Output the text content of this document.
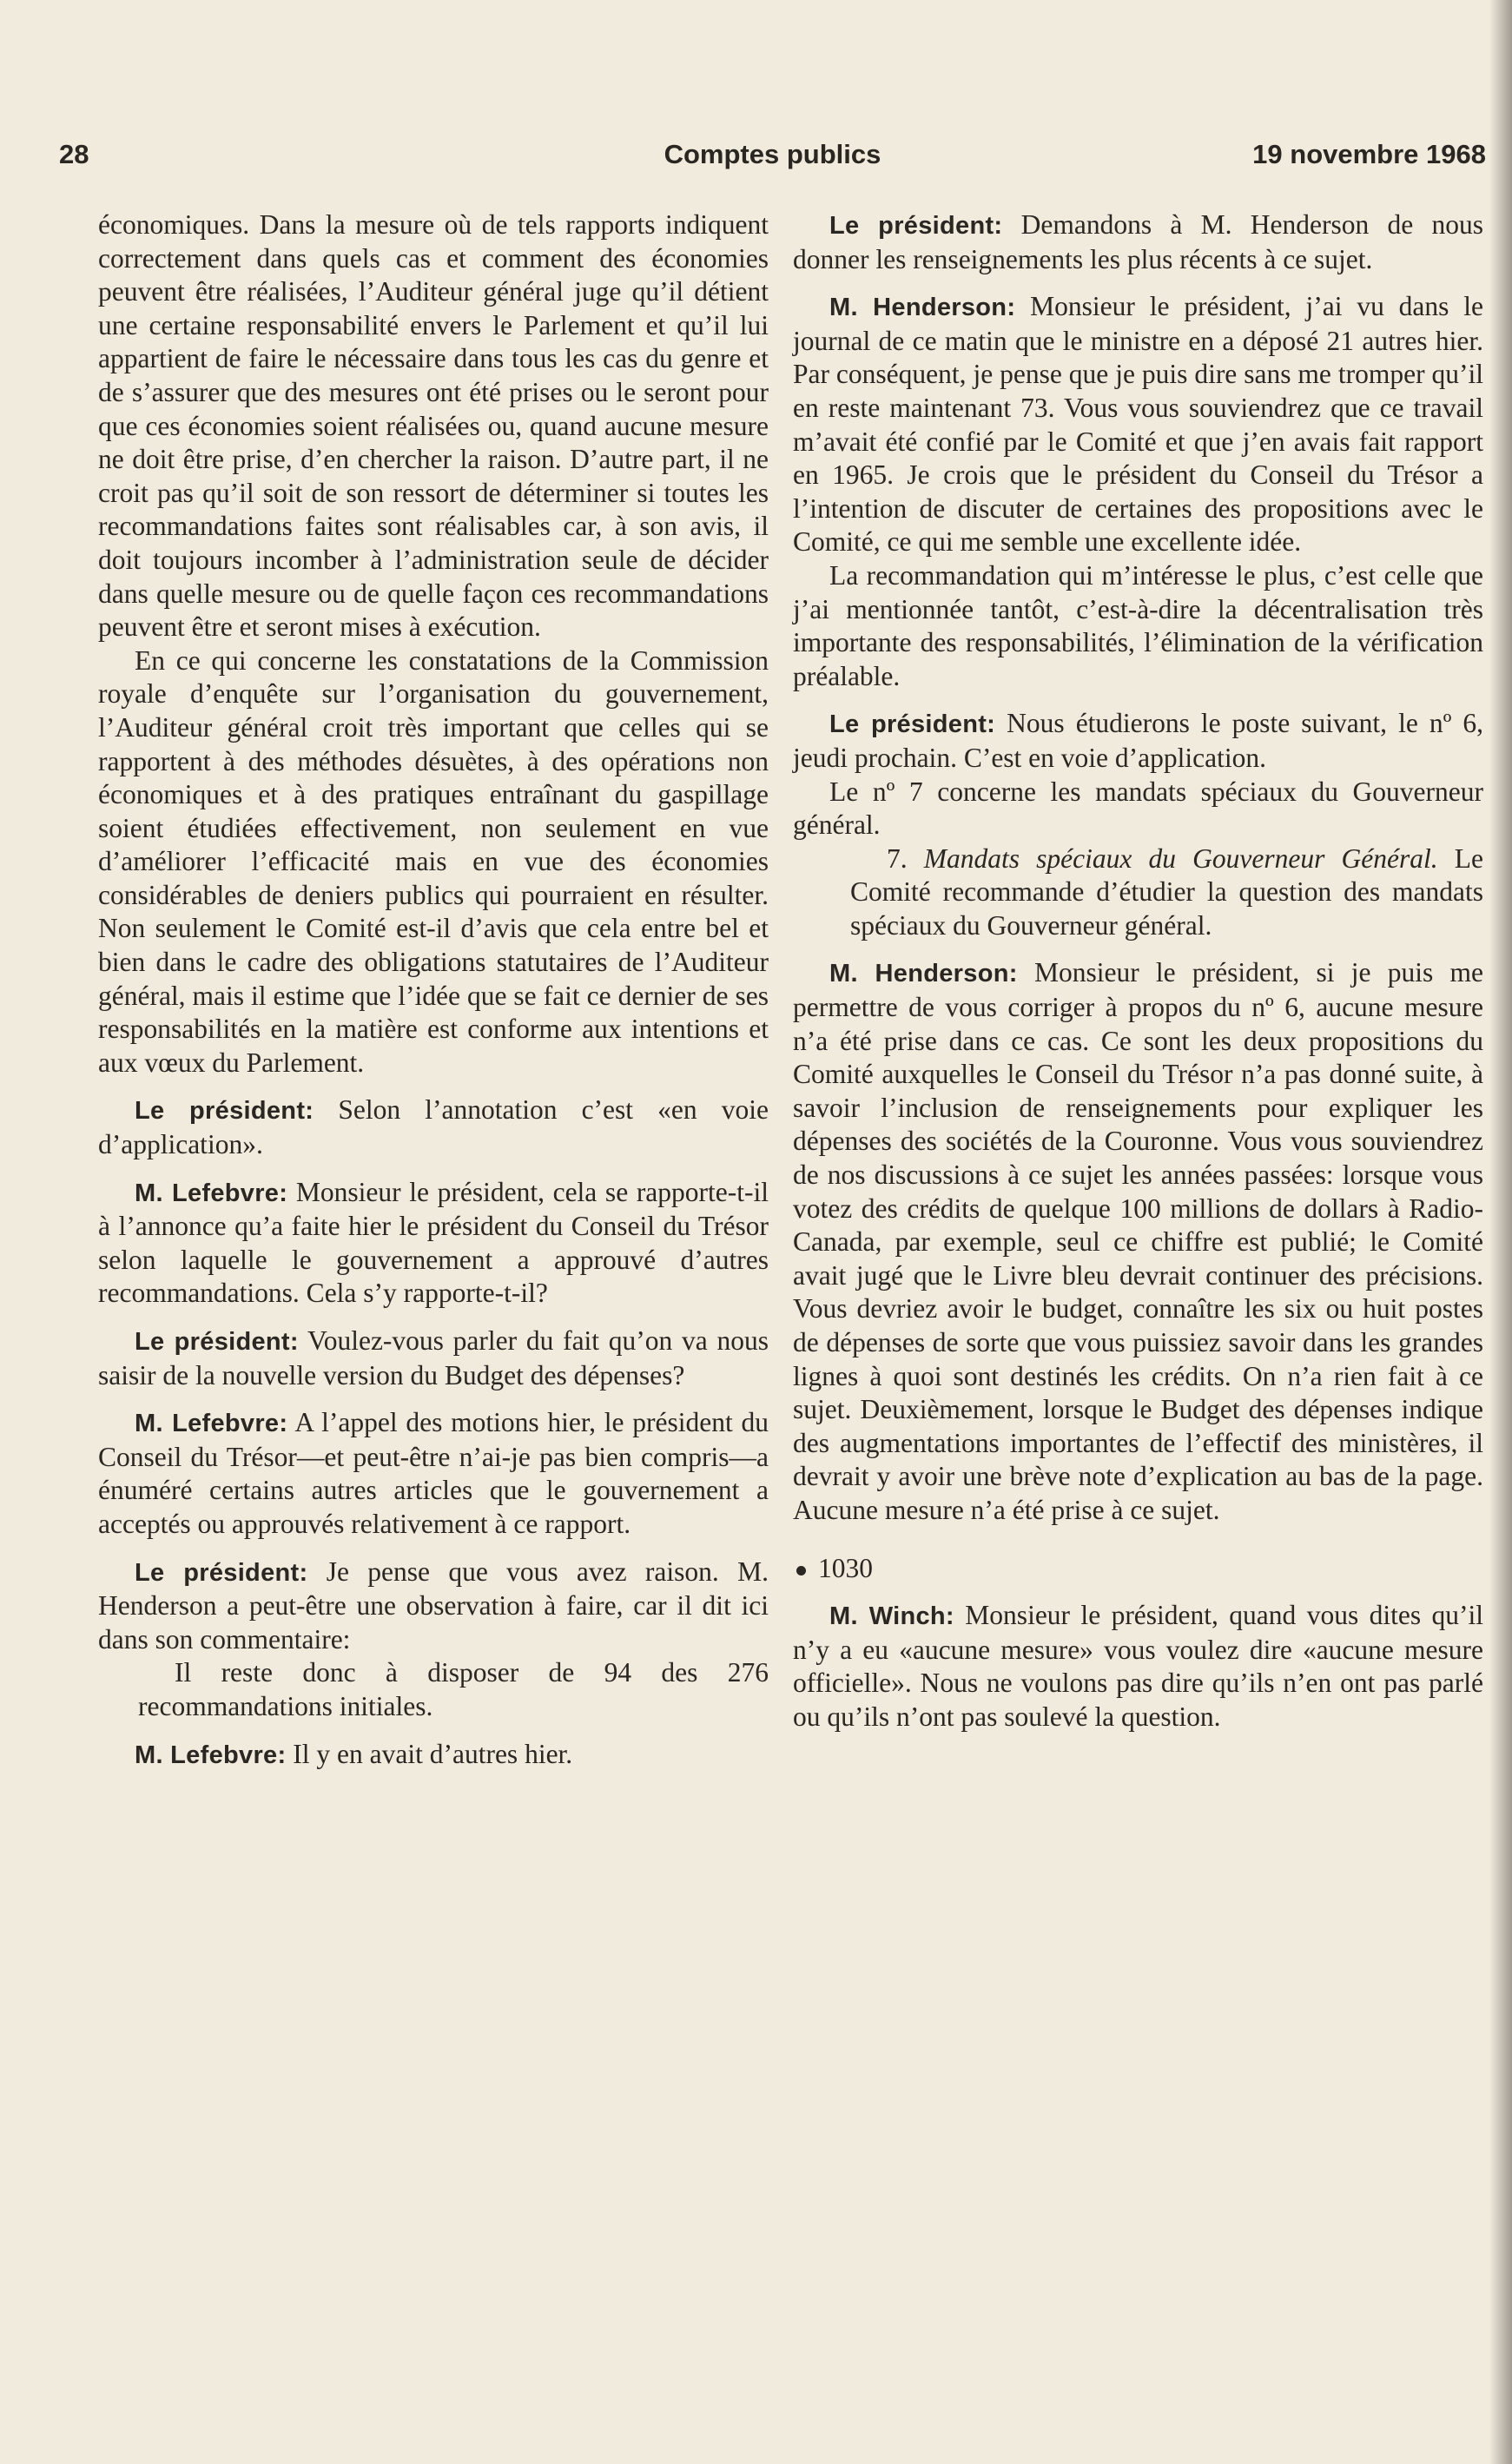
28	Comptes publics	19 novembre 1968

économiques. Dans la mesure où de tels rapports indiquent correctement dans quels cas et comment des économies peuvent être réalisées, l’Auditeur général juge qu’il détient une certaine responsabilité envers le Parlement et qu’il lui appartient de faire le nécessaire dans tous les cas du genre et de s’assurer que des mesures ont été prises ou le seront pour que ces économies soient réalisées ou, quand aucune mesure ne doit être prise, d’en chercher la raison. D’autre part, il ne croit pas qu’il soit de son ressort de déterminer si toutes les recommandations faites sont réalisables car, à son avis, il doit toujours incomber à l’administration seule de décider dans quelle mesure ou de quelle façon ces recommandations peuvent être et seront mises à exécution.

En ce qui concerne les constatations de la Commission royale d’enquête sur l’organisation du gouvernement, l’Auditeur général croit très important que celles qui se rapportent à des méthodes désuètes, à des opérations non économiques et à des pratiques entraînant du gaspillage soient étudiées effectivement, non seulement en vue d’améliorer l’efficacité mais en vue des économies considérables de deniers publics qui pourraient en résulter. Non seulement le Comité est-il d’avis que cela entre bel et bien dans le cadre des obligations statutaires de l’Auditeur général, mais il estime que l’idée que se fait ce dernier de ses responsabilités en la matière est conforme aux intentions et aux vœux du Parlement.

Le président: Selon l’annotation c’est «en voie d’application».

M. Lefebvre: Monsieur le président, cela se rapporte-t-il à l’annonce qu’a faite hier le président du Conseil du Trésor selon laquelle le gouvernement a approuvé d’autres recommandations. Cela s’y rapporte-t-il?

Le président: Voulez-vous parler du fait qu’on va nous saisir de la nouvelle version du Budget des dépenses?

M. Lefebvre: A l’appel des motions hier, le président du Conseil du Trésor—et peut-être n’ai-je pas bien compris—a énuméré certains autres articles que le gouvernement a acceptés ou approuvés relativement à ce rapport.

Le président: Je pense que vous avez raison. M. Henderson a peut-être une observation à faire, car il dit ici dans son commentaire:

Il reste donc à disposer de 94 des 276 recommandations initiales.

M. Lefebvre: Il y en avait d’autres hier.

Le président: Demandons à M. Henderson de nous donner les renseignements les plus récents à ce sujet.

M. Henderson: Monsieur le président, j’ai vu dans le journal de ce matin que le ministre en a déposé 21 autres hier. Par conséquent, je pense que je puis dire sans me tromper qu’il en reste maintenant 73. Vous vous souviendrez que ce travail m’avait été confié par le Comité et que j’en avais fait rapport en 1965. Je crois que le président du Conseil du Trésor a l’intention de discuter de certaines des propositions avec le Comité, ce qui me semble une excellente idée.

La recommandation qui m’intéresse le plus, c’est celle que j’ai mentionnée tantôt, c’est-à-dire la décentralisation très importante des responsabilités, l’élimination de la vérification préalable.

Le président: Nous étudierons le poste suivant, le nº 6, jeudi prochain. C’est en voie d’application.

Le nº 7 concerne les mandats spéciaux du Gouverneur général.

7. Mandats spéciaux du Gouverneur Général. Le Comité recommande d’étudier la question des mandats spéciaux du Gouverneur général.

M. Henderson: Monsieur le président, si je puis me permettre de vous corriger à propos du nº 6, aucune mesure n’a été prise dans ce cas. Ce sont les deux propositions du Comité auxquelles le Conseil du Trésor n’a pas donné suite, à savoir l’inclusion de renseignements pour expliquer les dépenses des sociétés de la Couronne. Vous vous souviendrez de nos discussions à ce sujet les années passées: lorsque vous votez des crédits de quelque 100 millions de dollars à Radio-Canada, par exemple, seul ce chiffre est publié; le Comité avait jugé que le Livre bleu devrait continuer des précisions. Vous devriez avoir le budget, connaître les six ou huit postes de dépenses de sorte que vous puissiez savoir dans les grandes lignes à quoi sont destinés les crédits. On n’a rien fait à ce sujet. Deuxièmement, lorsque le Budget des dépenses indique des augmentations importantes de l’effectif des ministères, il devrait y avoir une brève note d’explication au bas de la page. Aucune mesure n’a été prise à ce sujet.

1030

M. Winch: Monsieur le président, quand vous dites qu’il n’y a eu «aucune mesure» vous voulez dire «aucune mesure officielle». Nous ne voulons pas dire qu’ils n’en ont pas parlé ou qu’ils n’ont pas soulevé la question.
